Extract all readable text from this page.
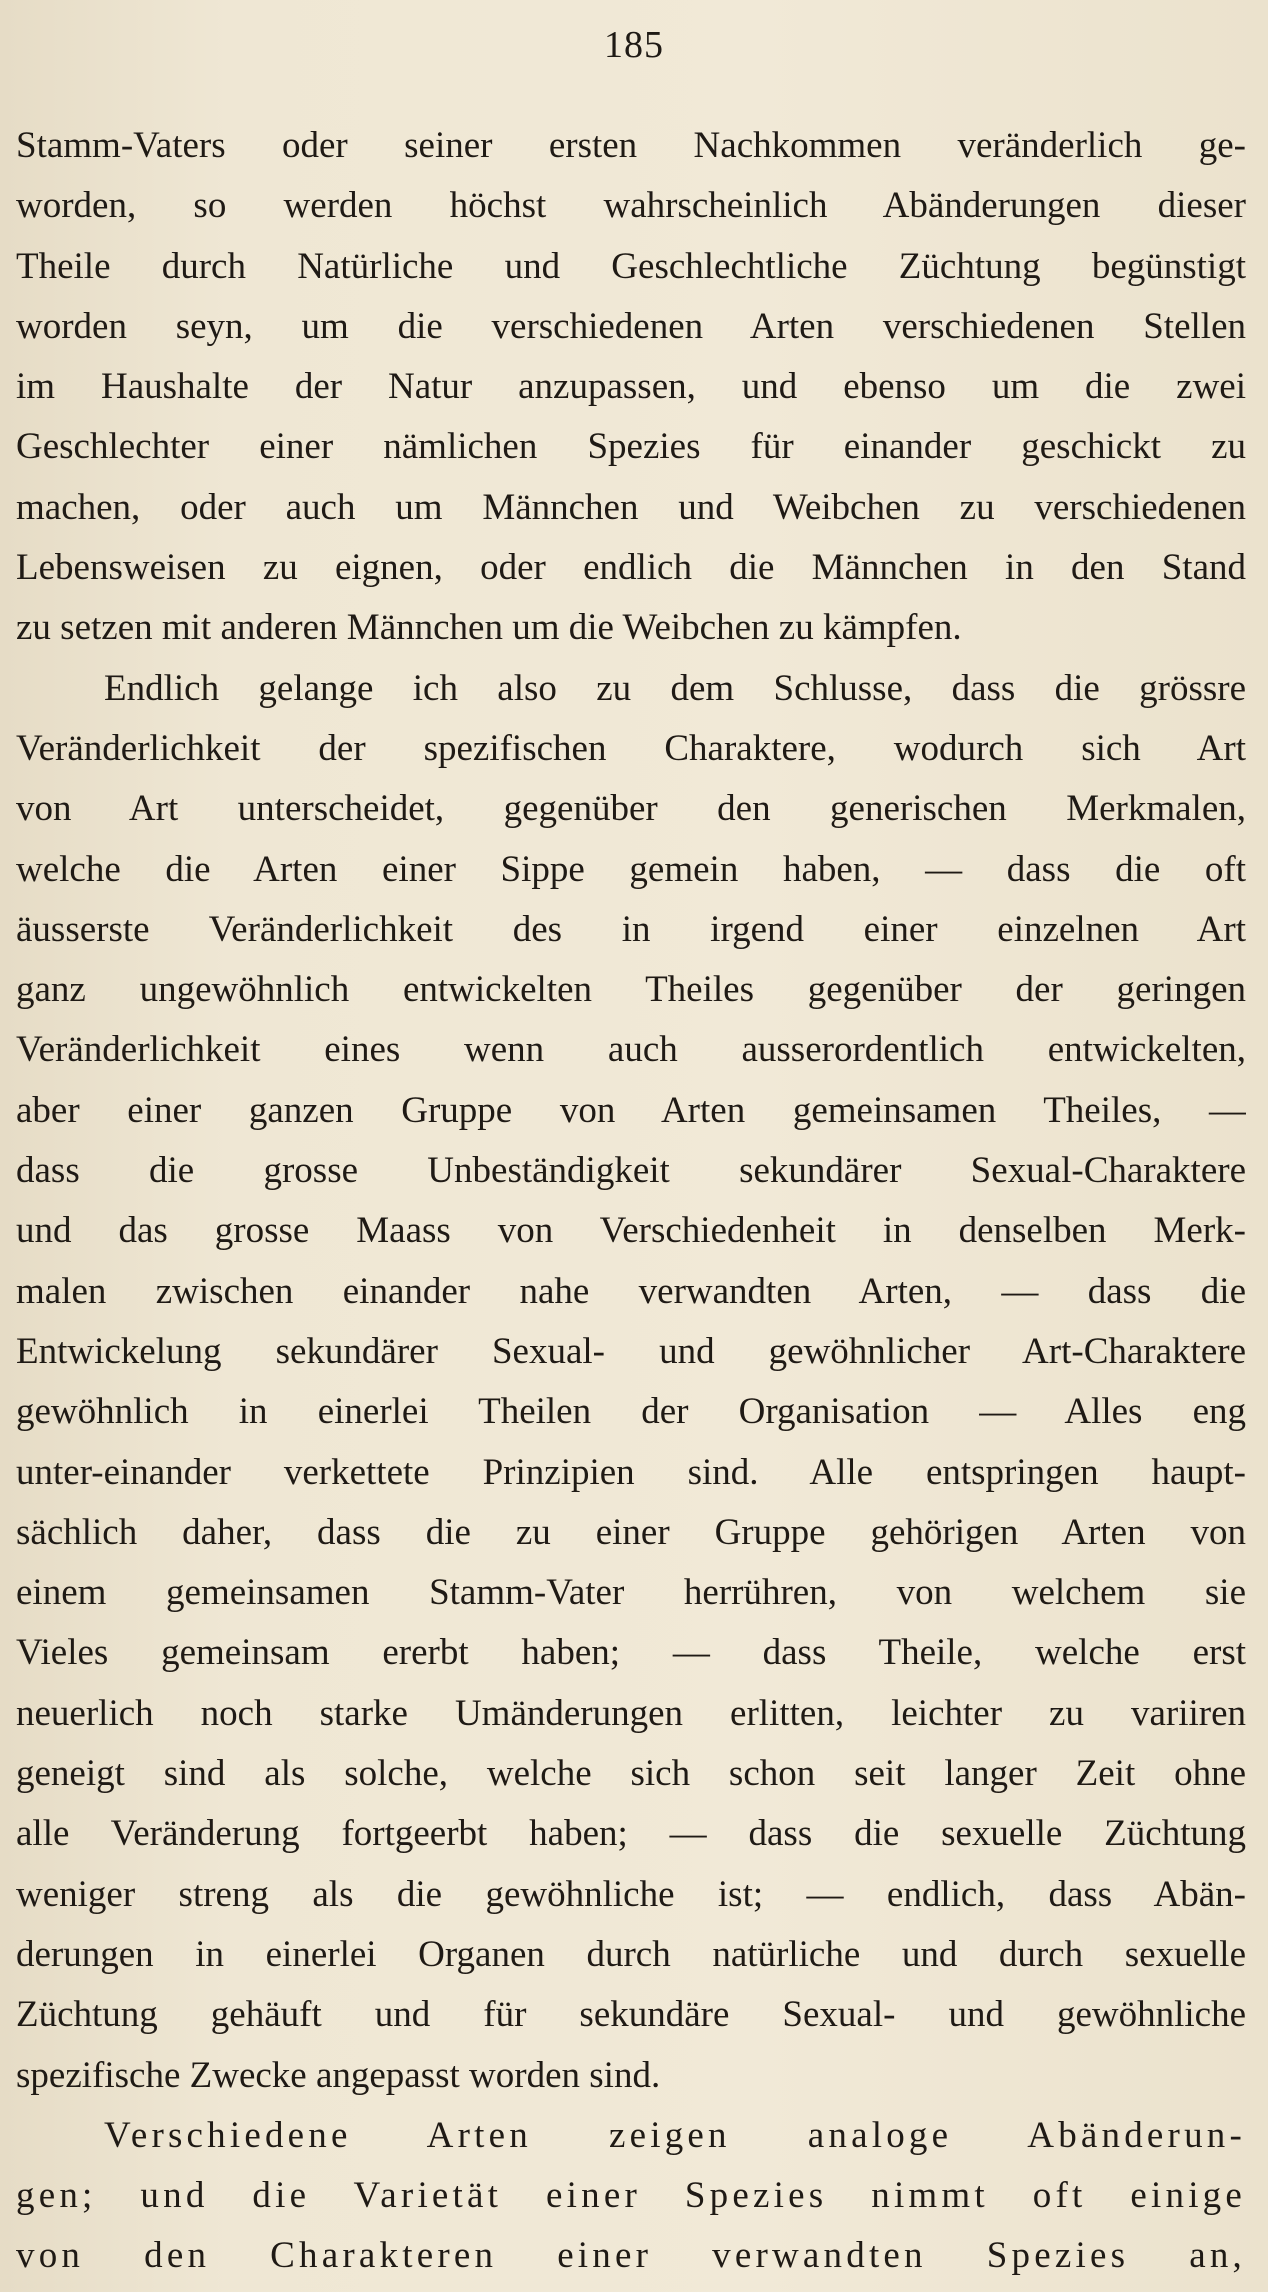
185
Stamm-Vaters oder seiner ersten Nachkommen veränderlich ge-
worden, so werden höchst wahrscheinlich Abänderungen dieser
Theile durch Natürliche und Geschlechtliche Züchtung begünstigt
worden seyn, um die verschiedenen Arten verschiedenen Stellen
im Haushalte der Natur anzupassen, und ebenso um die zwei
Geschlechter einer nämlichen Spezies für einander geschickt zu
machen, oder auch um Männchen und Weibchen zu verschiedenen
Lebensweisen zu eignen, oder endlich die Männchen in den Stand
zu setzen mit anderen Männchen um die Weibchen zu kämpfen.
Endlich gelange ich also zu dem Schlusse, dass die grössre
Veränderlichkeit der spezifischen Charaktere, wodurch sich Art
von Art unterscheidet, gegenüber den generischen Merkmalen,
welche die Arten einer Sippe gemein haben, — dass die oft
äusserste Veränderlichkeit des in irgend einer einzelnen Art
ganz ungewöhnlich entwickelten Theiles gegenüber der geringen
Veränderlichkeit eines wenn auch ausserordentlich entwickelten,
aber einer ganzen Gruppe von Arten gemeinsamen Theiles, —
dass die grosse Unbeständigkeit sekundärer Sexual-Charaktere
und das grosse Maass von Verschiedenheit in denselben Merk-
malen zwischen einander nahe verwandten Arten, — dass die
Entwickelung sekundärer Sexual- und gewöhnlicher Art-Charaktere
gewöhnlich in einerlei Theilen der Organisation — Alles eng
unter-einander verkettete Prinzipien sind. Alle entspringen haupt-
sächlich daher, dass die zu einer Gruppe gehörigen Arten von
einem gemeinsamen Stamm-Vater herrühren, von welchem sie
Vieles gemeinsam ererbt haben; — dass Theile, welche erst
neuerlich noch starke Umänderungen erlitten, leichter zu variiren
geneigt sind als solche, welche sich schon seit langer Zeit ohne
alle Veränderung fortgeerbt haben; — dass die sexuelle Züchtung
weniger streng als die gewöhnliche ist; — endlich, dass Abän-
derungen in einerlei Organen durch natürliche und durch sexuelle
Züchtung gehäuft und für sekundäre Sexual- und gewöhnliche
spezifische Zwecke angepasst worden sind.
Verschiedene Arten zeigen analoge Abänderun-
gen; und die Varietät einer Spezies nimmt oft einige
von den Charakteren einer verwandten Spezies an,
